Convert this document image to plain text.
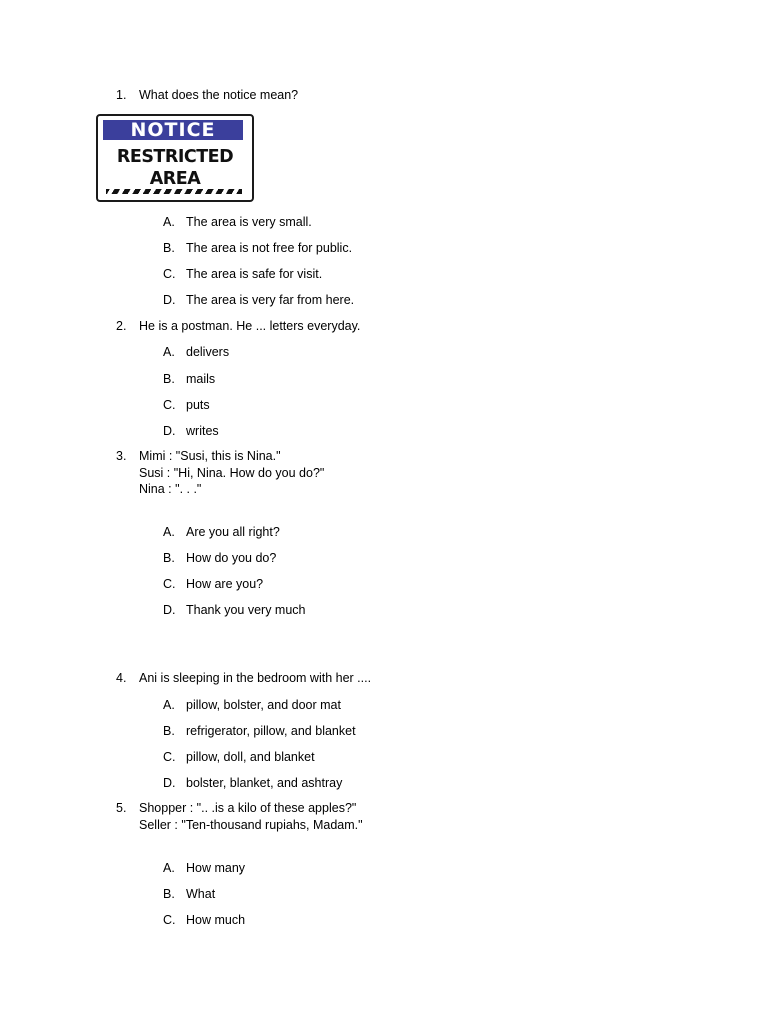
1.	What does the notice mean?
NOTICE
RESTRICTED
AREA
A. The area is very small.
B. The area is not free for public.
C. The area is safe for visit.
D. The area is very far from here.
2.	He is a postman. He ... letters everyday.
A. delivers
B. mails
C. puts
D. writes
3.	Mimi : "Susi, this is Nina."
Susi : "Hi, Nina. How do you do?"
Nina : ". . ."
A. Are you all right?
B. How do you do?
C. How are you?
D. Thank you very much
4.	Ani is sleeping in the bedroom with her ....
A. pillow, bolster, and door mat
B. refrigerator, pillow, and blanket
C. pillow, doll, and blanket
D. bolster, blanket, and ashtray
5.	Shopper : ".. .is a kilo of these apples?"
Seller : "Ten-thousand rupiahs, Madam."
A. How many
B. What
C. How much
